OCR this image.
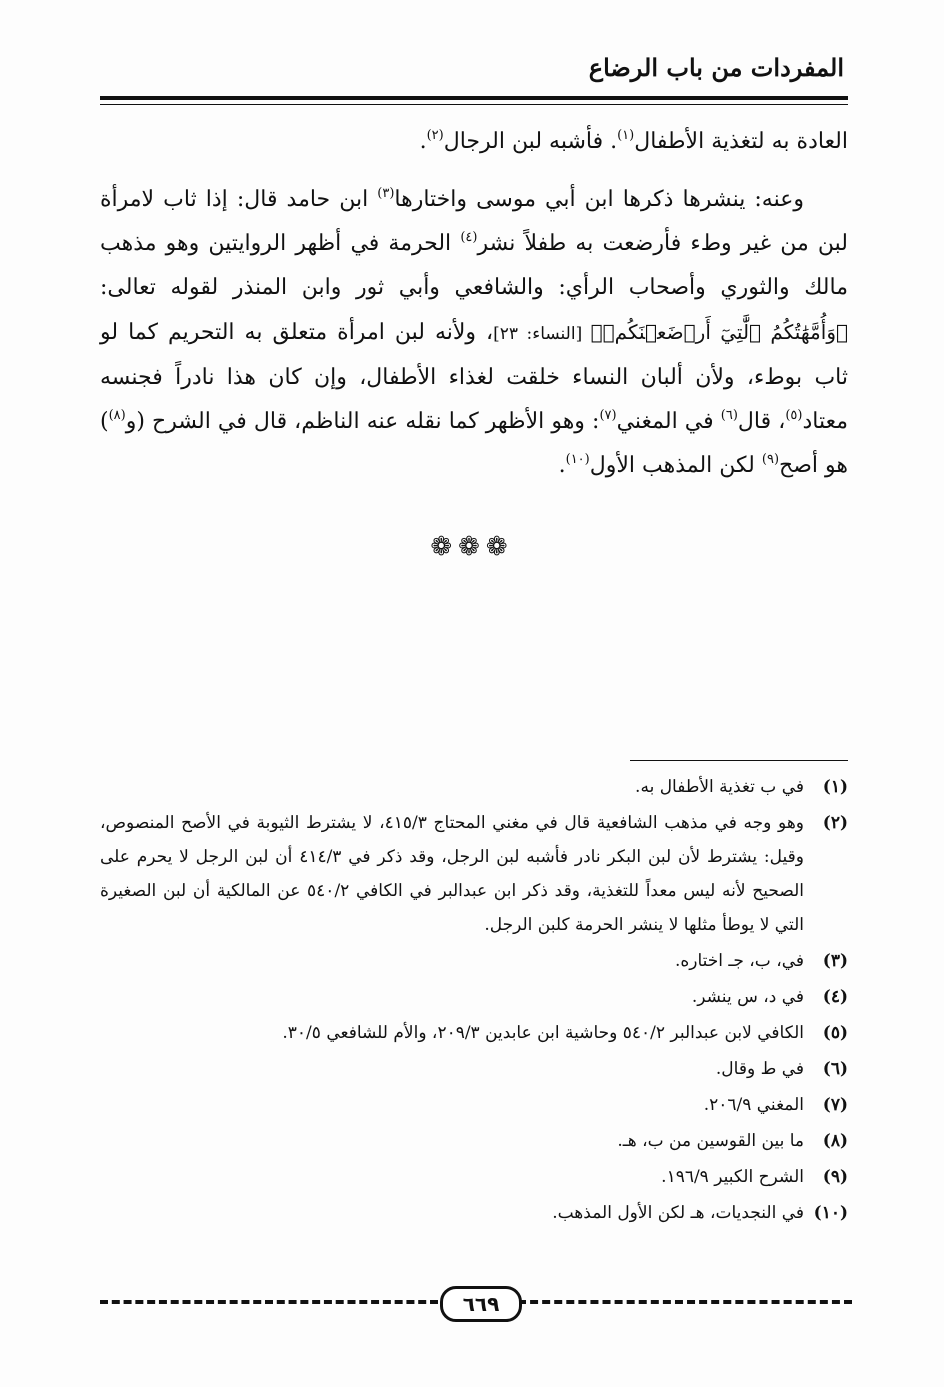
المفردات من باب الرضاع

العادة به لتغذية الأطفال$^{(١)}$. فأشبه لبن الرجال$^{(٢)}$.

وعنه: ينشرها ذكرها ابن أبي موسى واختارها$^{(٣)}$ ابن حامد قال: إذا ثاب لامرأة لبن من غير وطء فأرضعت به طفلاً نشر$^{(٤)}$ الحرمة في أظهر الروايتين وهو مذهب مالك والثوري وأصحاب الرأي: والشافعي وأبي ثور وابن المنذر لقوله تعالى: ﴿وَأُمَّهَٰتُكُمُ ٱلَّٰتِيٓ أَرۡضَعۡنَكُمۡ﴾ [النساء: ٢٣]، ولأنه لبن امرأة متعلق به التحريم كما لو ثاب بوطء، ولأن ألبان النساء خلقت لغذاء الأطفال، وإن كان هذا نادراً فجنسه معتاد$^{(٥)}$، قال$^{(٦)}$ في المغني$^{(٧)}$: وهو الأظهر كما نقله عنه الناظم، قال في الشرح (و$^{(٨)}$) هو أصح$^{(٩)}$ لكن المذهب الأول$^{(١٠)}$.

❁❁❁
(١)
في ب تغذية الأطفال به.
(٢)
وهو وجه في مذهب الشافعية قال في مغني المحتاج ٤١٥/٣، لا يشترط الثيوبة في الأصح المنصوص، وقيل: يشترط لأن لبن البكر نادر فأشبه لبن الرجل، وقد ذكر في ٤١٤/٣ أن لبن الرجل لا يحرم على الصحيح لأنه ليس معداً للتغذية، وقد ذكر ابن عبدالبر في الكافي ٥٤٠/٢ عن المالكية أن لبن الصغيرة التي لا يوطأ مثلها لا ينشر الحرمة كلبن الرجل.
(٣)
في، ب، جـ اختاره.
(٤)
في د، س ينشر.
(٥)
الكافي لابن عبدالبر ٥٤٠/٢ وحاشية ابن عابدين ٢٠٩/٣، والأم للشافعي ٣٠/٥.
(٦)
في ط وقال.
(٧)
المغني ٢٠٦/٩.
(٨)
ما بين القوسين من ب، هـ.
(٩)
الشرح الكبير ١٩٦/٩.
(١٠)
في النجديات، هـ لكن الأول المذهب.
٦٦٩
